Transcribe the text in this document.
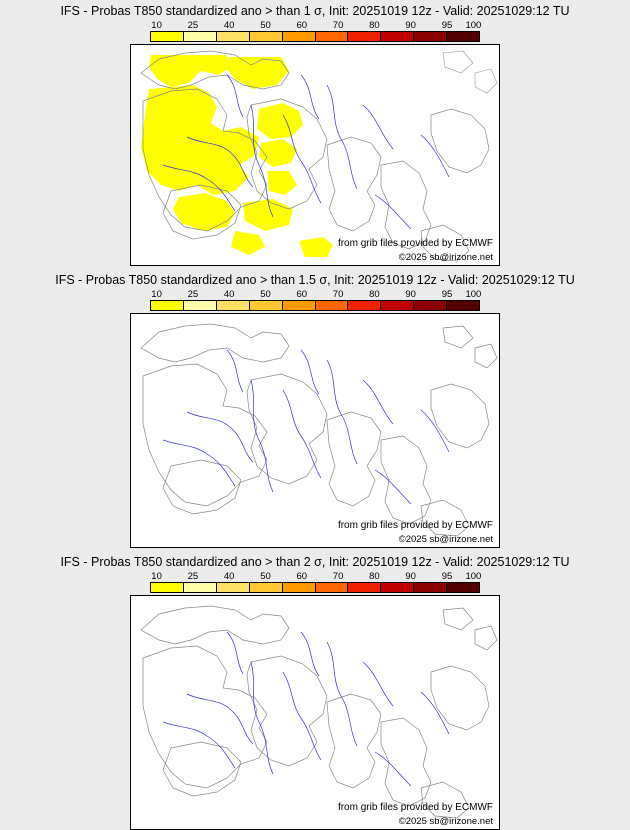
IFS - Probas T850 standardized ano > than 1 σ, Init: 20251019 12z - Valid: 20251029:12 TU
10	25	40	50	60	70	80	90	95 100
from grib files provided by ECMWF
©2025 sb@irizone.net
IFS - Probas T850 standardized ano > than 1.5 σ, Init: 20251019 12z - Valid: 20251029:12 TU
10	25	40	50	60	70	80	90	95 100
from grib files provided by ECMWF
©2025 sb@irizone.net
IFS - Probas T850 standardized ano > than 2 σ, Init: 20251019 12z - Valid: 20251029:12 TU
10	25	40	50	60	70	80	90	95 100
from grib files provided by ECMWF
©2025 sb@irizone.net
